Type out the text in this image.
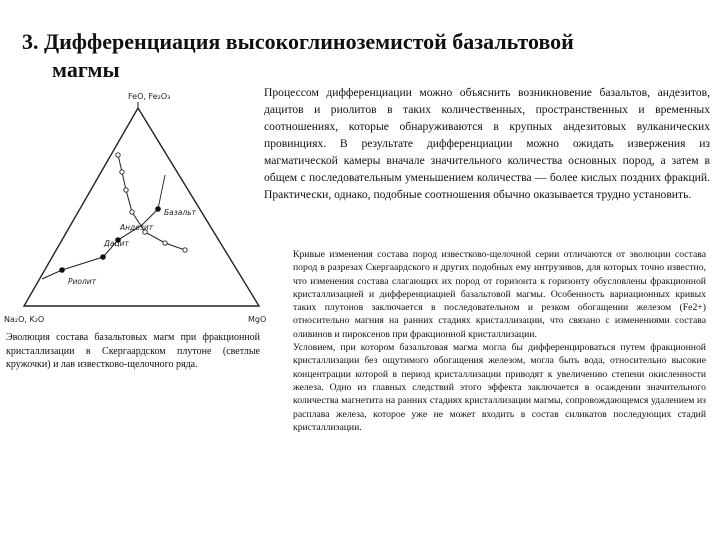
3. Дифференциация высокоглиноземистой базальтовой
магмы
FeO, Fe₂O₃
Na₂O, K₂O	MgO
Базальт
Андезит
Дацит
Риолит
Эволюция состава базальтовых магм при фракционной кристаллизации в Скергаардском плутоне (светлые кружочки) и лав известково-щелочного ряда.
Процессом дифференциации можно объяснить возникновение базальтов, андезитов, дацитов и риолитов в таких количественных, пространственных и временных соотношениях, которые обнаруживаются в крупных андезитовых вулканических провинциях. В результате дифференциации можно ожидать извержения из магматической камеры вначале значительного количества основных пород, а затем в общем с последовательным уменьшением количества — более кислых поздних фракций. Практически, однако, подобные соотношения обычно оказывается трудно установить.
Кривые изменения состава пород известково-щелочной серии отличаются от эволюции состава пород в разрезах Скергаардского и других подобных ему интрузивов, для которых точно известно, что изменения состава слагающих их пород от горизонта к горизонту обусловлены фракционной кристаллизацией и дифференциацией базальтовой магмы. Особенность вариационных кривых таких плутонов заключается в последовательном и резком обогащении железом (Fe2+) относительно магния на ранних стадиях кристаллизации, что связано с изменениями состава оливинов и пироксенов при фракционной кристаллизации.
Условием, при котором базальтовая магма могла бы дифференцироваться путем фракционной кристаллизации без ощутимого обогащения железом, могла быть вода, относительно высокие концентрации которой в период кристаллизации приводят к увеличению степени окисленности железа. Одно из главных следствий этого эффекта заключается в осаждении значительного количества магнетита на ранних стадиях кристаллизации магмы, сопровождающемся удалением из расплава железа, которое уже не может входить в состав силикатов последующих стадий кристаллизации.
